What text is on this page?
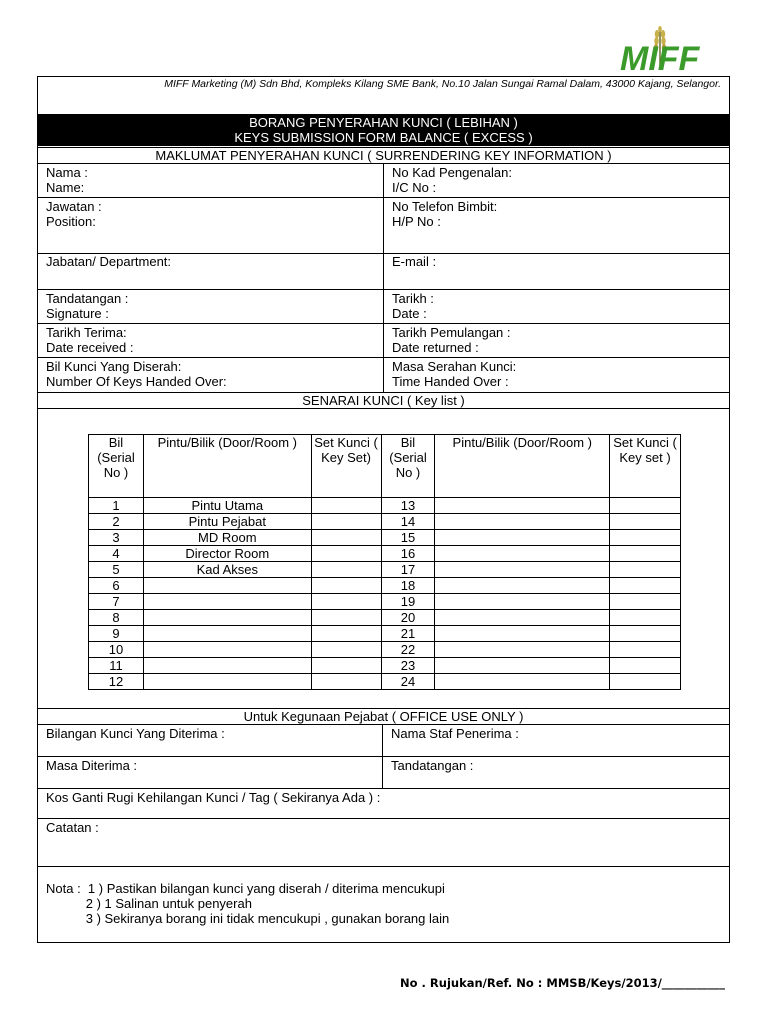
MIFF
MIFF Marketing (M) Sdn Bhd, Kompleks Kilang SME Bank, No.10 Jalan Sungai Ramal Dalam, 43000 Kajang, Selangor.
BORANG PENYERAHAN KUNCI ( LEBIHAN )
KEYS SUBMISSION FORM BALANCE ( EXCESS )
MAKLUMAT PENYERAHAN KUNCI ( SURRENDERING KEY INFORMATION )
Nama :
Name:
No Kad Pengenalan:
I/C No :
Jawatan :
Position:
No Telefon Bimbit:
H/P No :
Jabatan/ Department:	E-mail :
Tandatangan :
Signature :
Tarikh :
Date :
Tarikh Terima:
Date received :
Tarikh Pemulangan :
Date returned :
Bil Kunci Yang Diserah:
Number Of Keys Handed Over:
Masa Serahan Kunci:
Time Handed Over :
SENARAI KUNCI ( Key list )
Bil (Serial No )	Pintu/Bilik (Door/Room )	Set Kunci ( Key Set)	Bil (Serial No )	Pintu/Bilik (Door/Room )	Set Kunci ( Key set )
1	Pintu Utama		13		
2	Pintu Pejabat		14		
3	MD Room		15		
4	Director Room		16		
5	Kad Akses		17		
6			18		
7			19		
8			20		
9			21		
10			22		
11			23		
12			24		
Untuk Kegunaan Pejabat ( OFFICE USE ONLY )
Bilangan Kunci Yang Diterima :	Nama Staf Penerima :
Masa Diterima :	Tandatangan :
Kos Ganti Rugi Kehilangan Kunci / Tag ( Sekiranya Ada ) :
Catatan :
Nota :  1 ) Pastikan bilangan kunci yang diserah / diterima mencukupi
2 ) 1 Salinan untuk penyerah
3 ) Sekiranya borang ini tidak mencukupi , gunakan borang lain
No . Rujukan/Ref. No : MMSB/Keys/2013/___________
